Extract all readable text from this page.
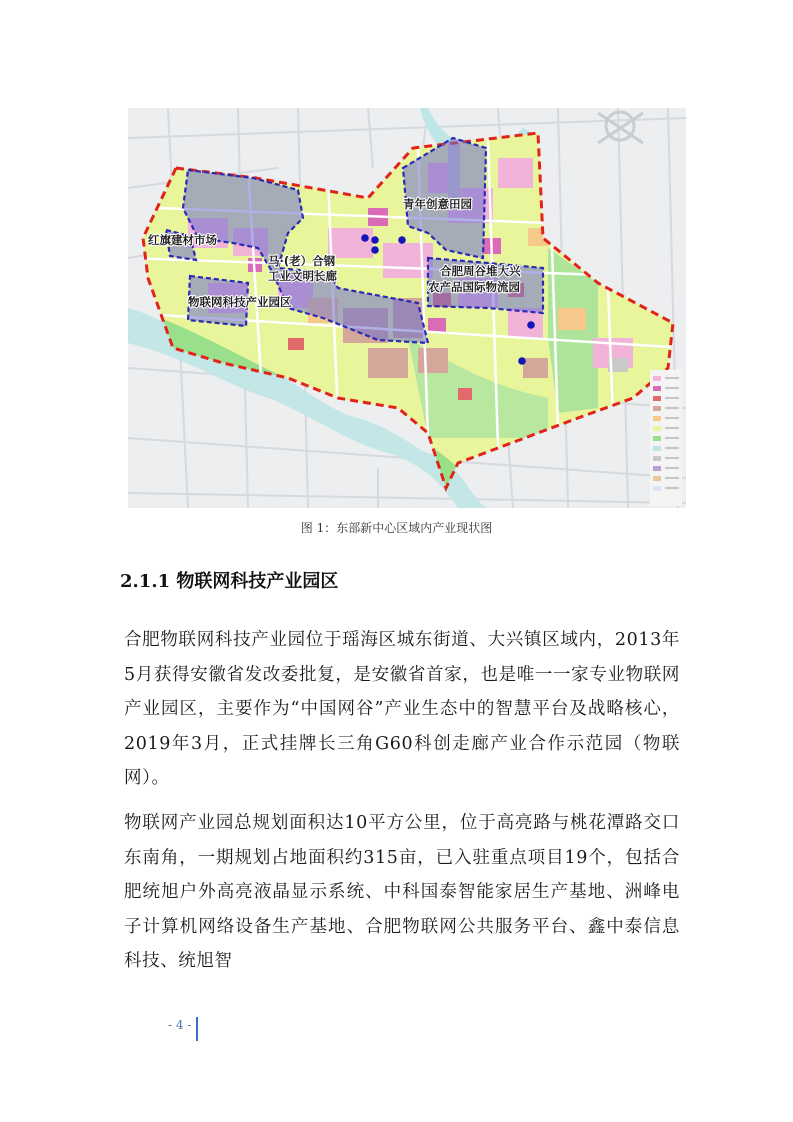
青年创意田园
红旗建材市场
马·(老）合钢
工业文明长廊	合肥周谷堆大兴
农产品国际物流园
物联网科技产业园区
图 1：东部新中心区域内产业现状图
2.1.1 物联网科技产业园区
合肥物联网科技产业园位于瑶海区城东街道、大兴镇区域内，2013年5月获得安徽省发改委批复，是安徽省首家，也是唯一一家专业物联网产业园区，主要作为“中国网谷”产业生态中的智慧平台及战略核心，2019年3月，正式挂牌长三角G60科创走廊产业合作示范园（物联网）。
物联网产业园总规划面积达10平方公里，位于高亮路与桃花潭路交口东南角，一期规划占地面积约315亩，已入驻重点项目19个，包括合肥统旭户外高亮液晶显示系统、中科国泰智能家居生产基地、洲峰电子计算机网络设备生产基地、合肥物联网公共服务平台、鑫中泰信息科技、统旭智
- 4 -
